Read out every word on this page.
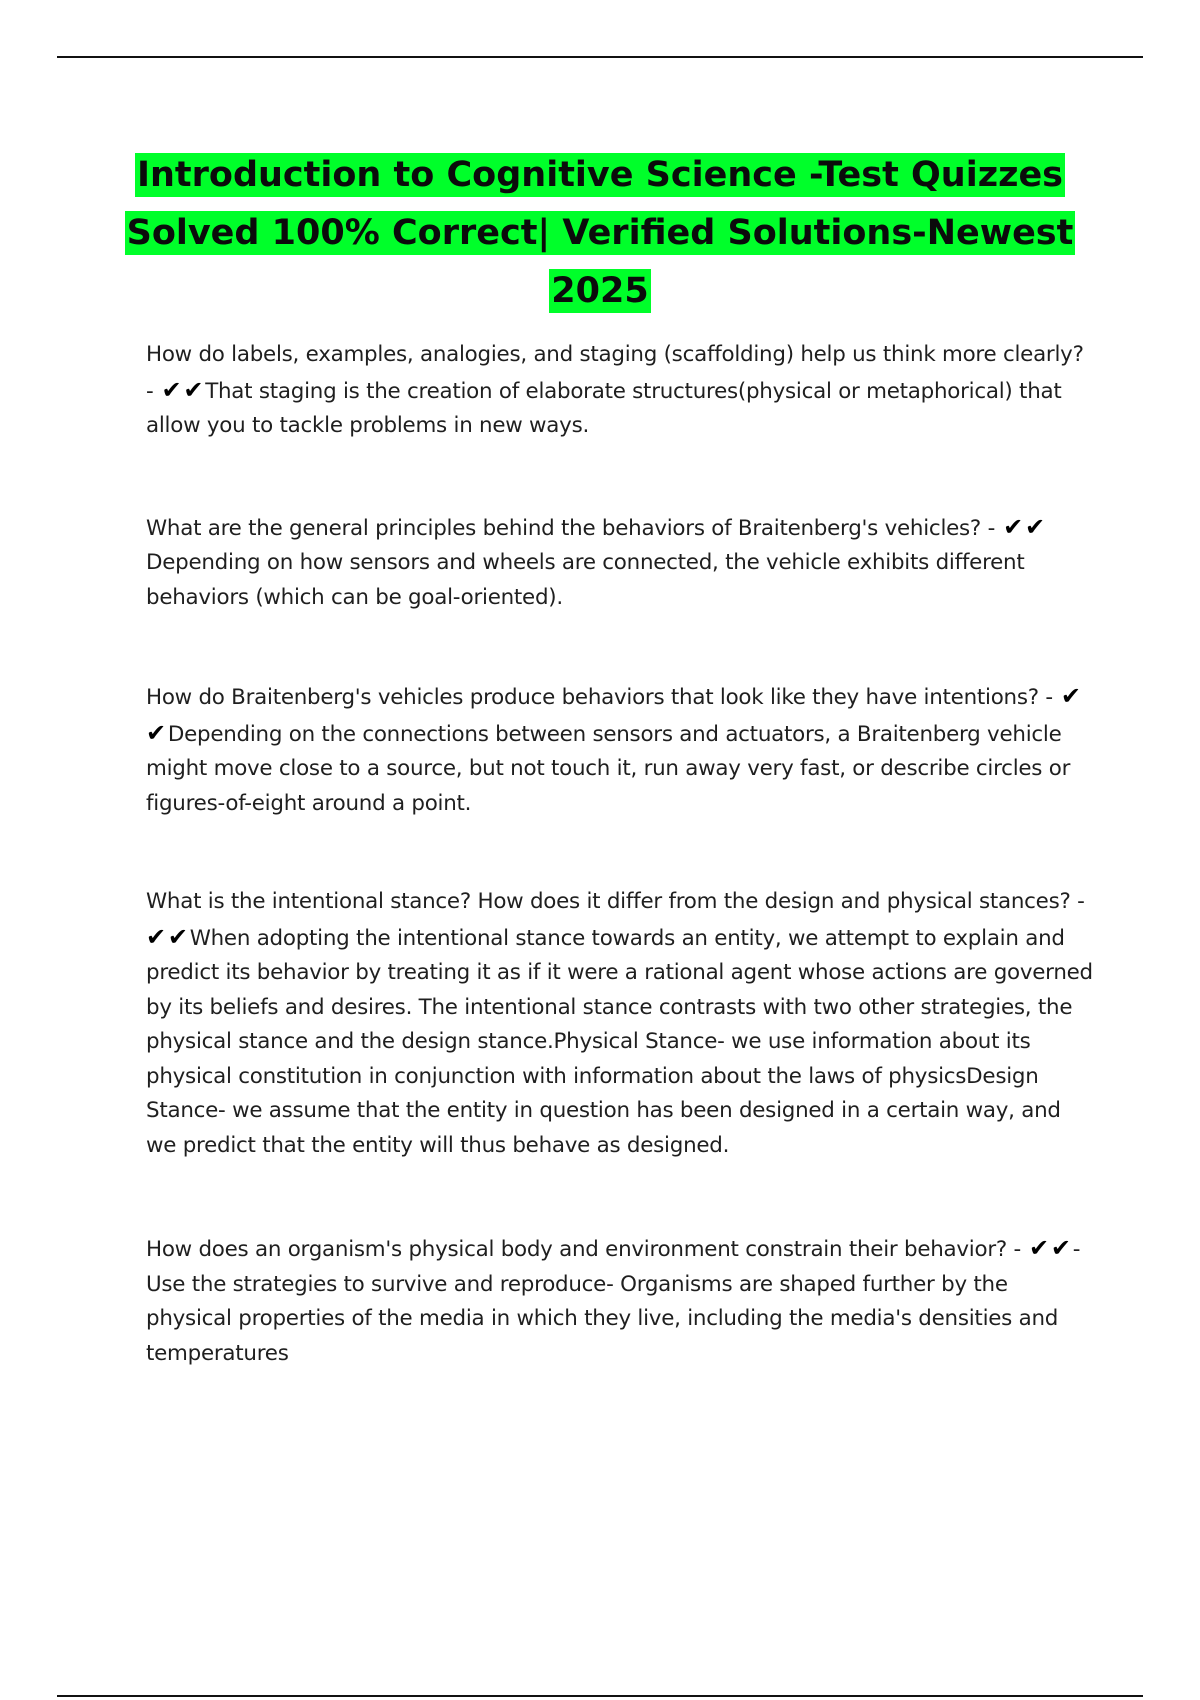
Introduction to Cognitive Science -Test Quizzes
Solved 100% Correct| Verified Solutions-Newest
2025

How do labels, examples, analogies, and staging (scaffolding) help us think more clearly? - ✔✔That staging is the creation of elaborate structures(physical or metaphorical) that allow you to tackle problems in new ways.

What are the general principles behind the behaviors of Braitenberg's vehicles? - ✔✔Depending on how sensors and wheels are connected, the vehicle exhibits different behaviors (which can be goal-oriented).

How do Braitenberg's vehicles produce behaviors that look like they have intentions? - ✔✔Depending on the connections between sensors and actuators, a Braitenberg vehicle might move close to a source, but not touch it, run away very fast, or describe circles or figures-of-eight around a point.

What is the intentional stance? How does it differ from the design and physical stances? -✔✔When adopting the intentional stance towards an entity, we attempt to explain and predict its behavior by treating it as if it were a rational agent whose actions are governed by its beliefs and desires. The intentional stance contrasts with two other strategies, the physical stance and the design stance.Physical Stance- we use information about its physical constitution in conjunction with information about the laws of physicsDesign Stance- we assume that the entity in question has been designed in a certain way, and we predict that the entity will thus behave as designed.

How does an organism's physical body and environment constrain their behavior? - ✔✔- Use the strategies to survive and reproduce- Organisms are shaped further by the physical properties of the media in which they live, including the media's densities and temperatures
